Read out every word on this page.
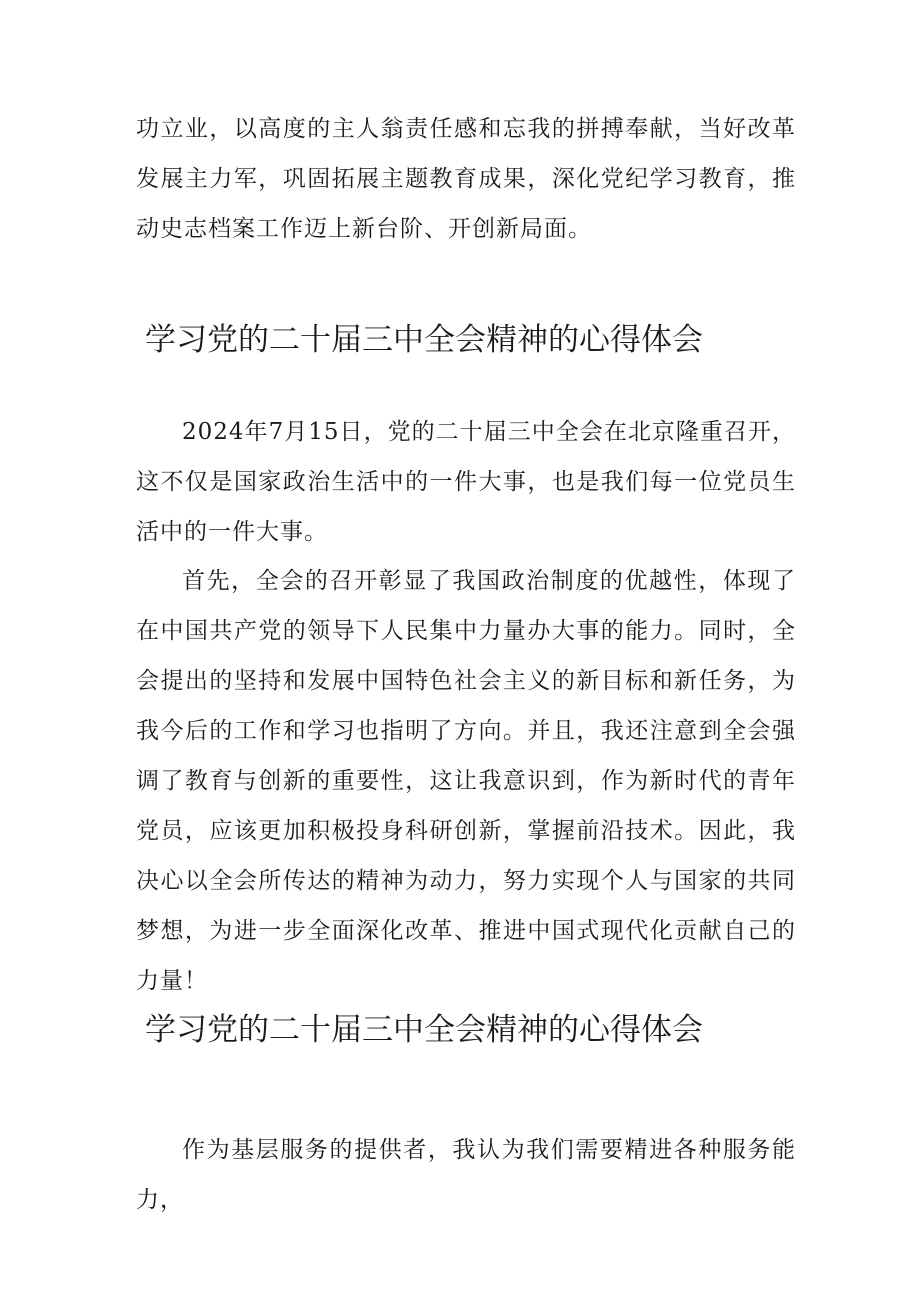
功立业，以高度的主人翁责任感和忘我的拼搏奉献，当好改革发展主力军，巩固拓展主题教育成果，深化党纪学习教育，推动史志档案工作迈上新台阶、开创新局面。

学习党的二十届三中全会精神的心得体会

2024年7月15日，党的二十届三中全会在北京隆重召开，这不仅是国家政治生活中的一件大事，也是我们每一位党员生活中的一件大事。

首先，全会的召开彰显了我国政治制度的优越性，体现了在中国共产党的领导下人民集中力量办大事的能力。同时，全会提出的坚持和发展中国特色社会主义的新目标和新任务，为我今后的工作和学习也指明了方向。并且，我还注意到全会强调了教育与创新的重要性，这让我意识到，作为新时代的青年党员，应该更加积极投身科研创新，掌握前沿技术。因此，我决心以全会所传达的精神为动力，努力实现个人与国家的共同梦想，为进一步全面深化改革、推进中国式现代化贡献自己的力量！

学习党的二十届三中全会精神的心得体会

作为基层服务的提供者，我认为我们需要精进各种服务能力，
